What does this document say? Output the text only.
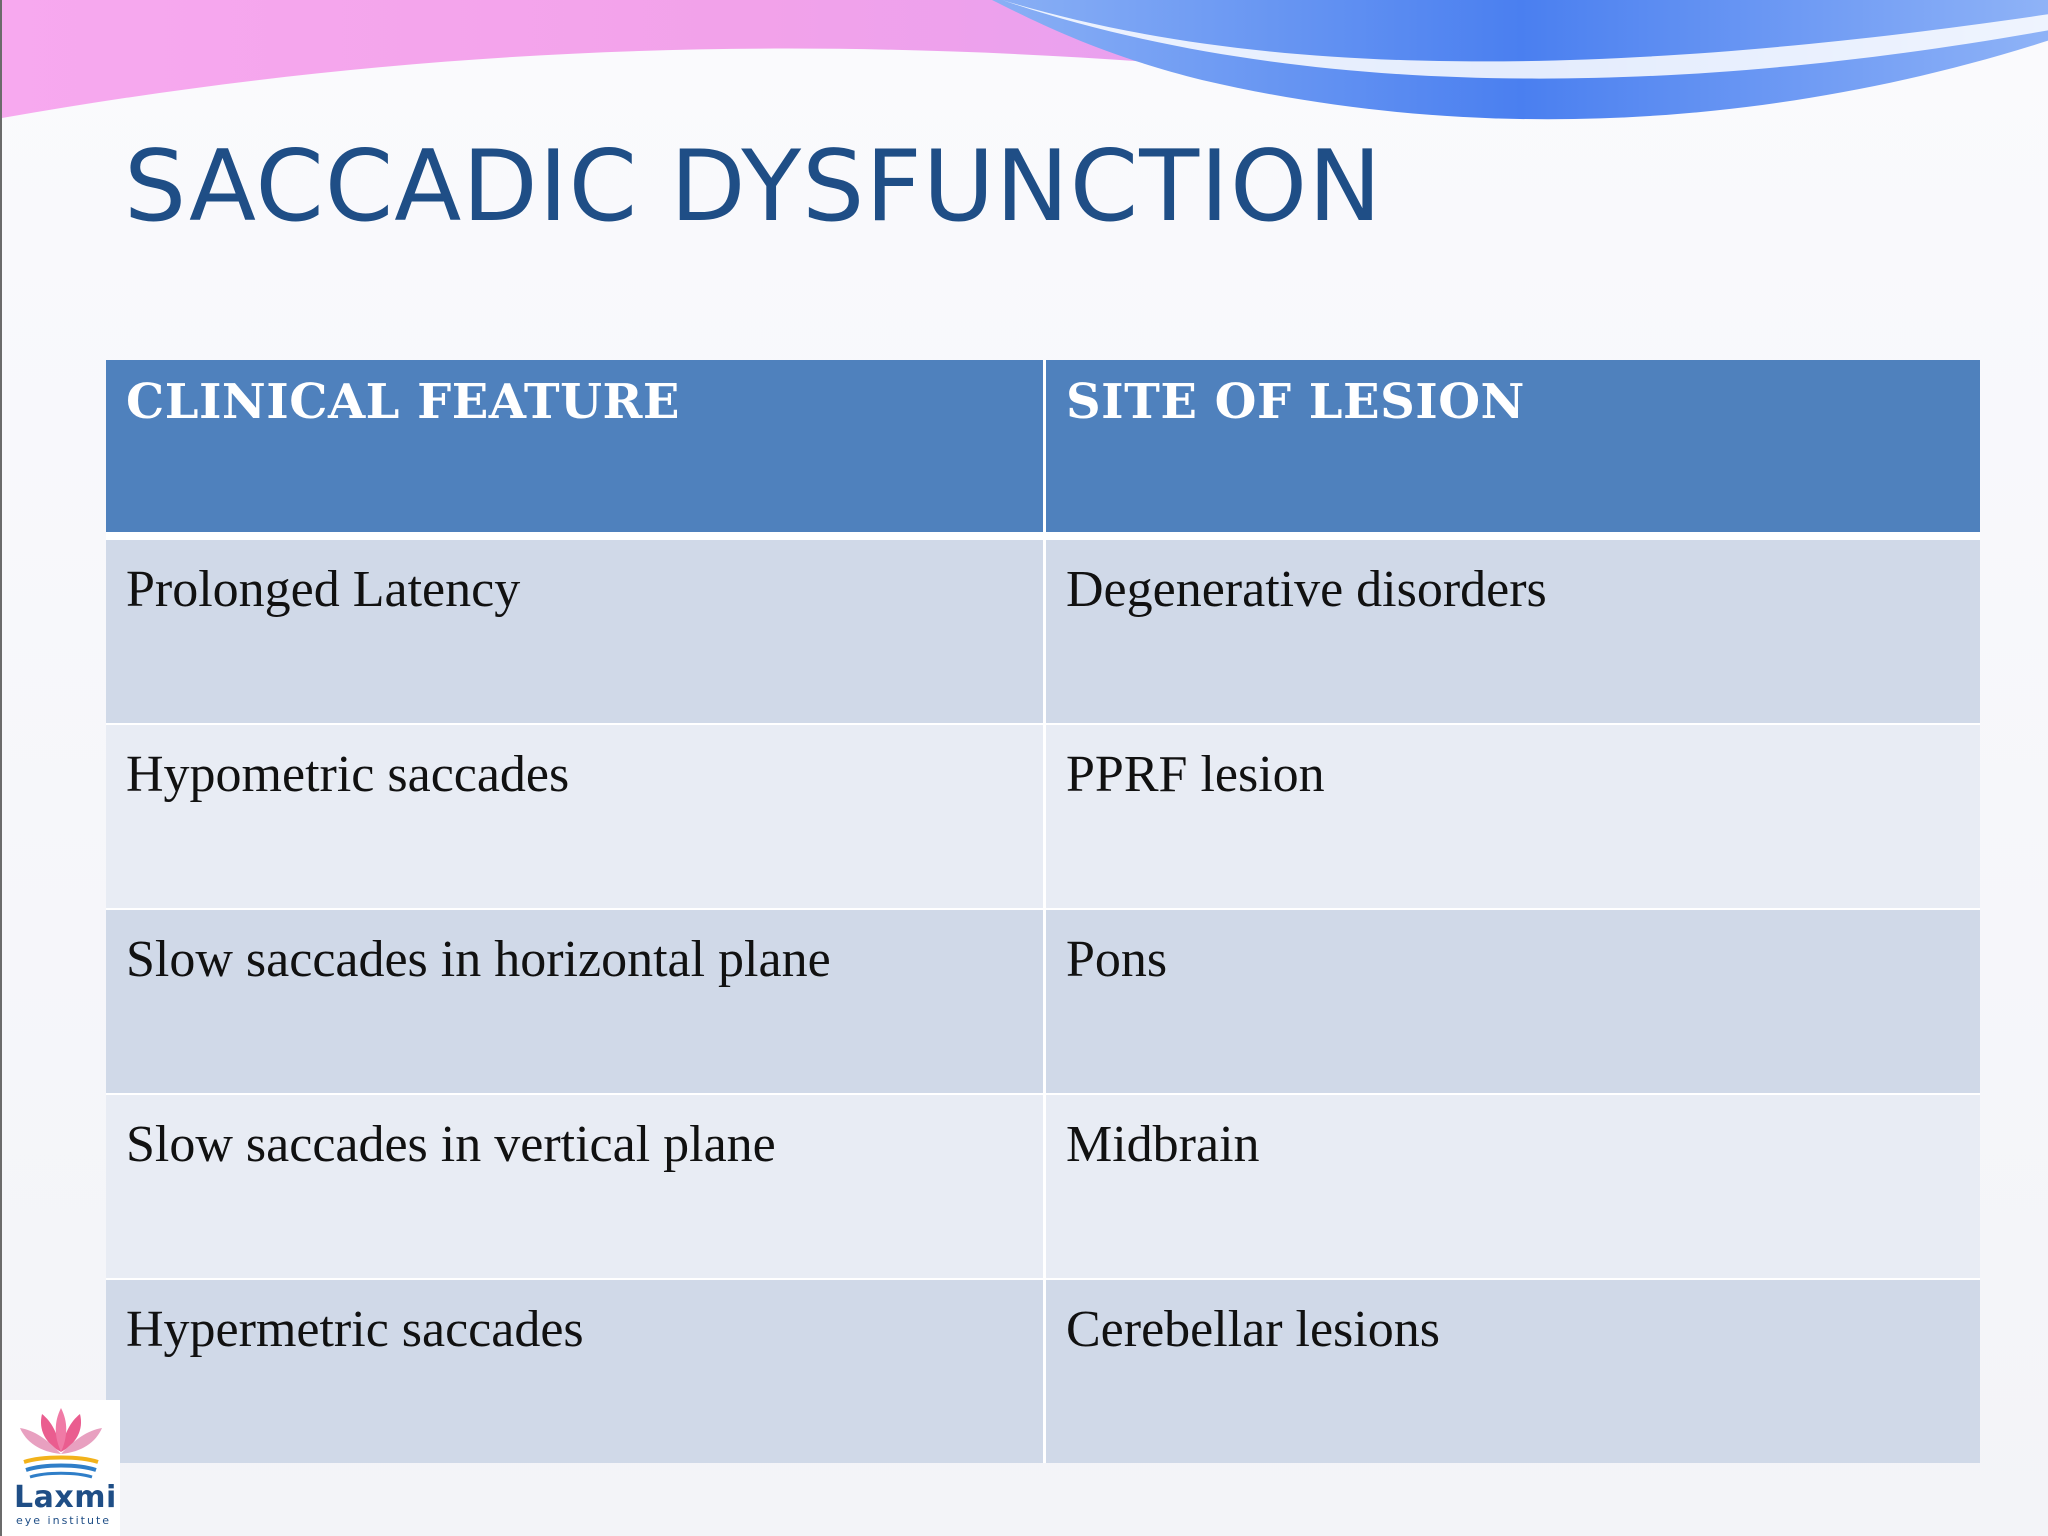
SACCADIC DYSFUNCTION
CLINICAL FEATURE	SITE OF LESION
Prolonged Latency	Degenerative disorders
Hypometric saccades	PPRF lesion
Slow saccades in horizontal plane	Pons
Slow saccades in vertical plane	Midbrain
Hypermetric saccades	Cerebellar lesions
Laxmi
eye institute
